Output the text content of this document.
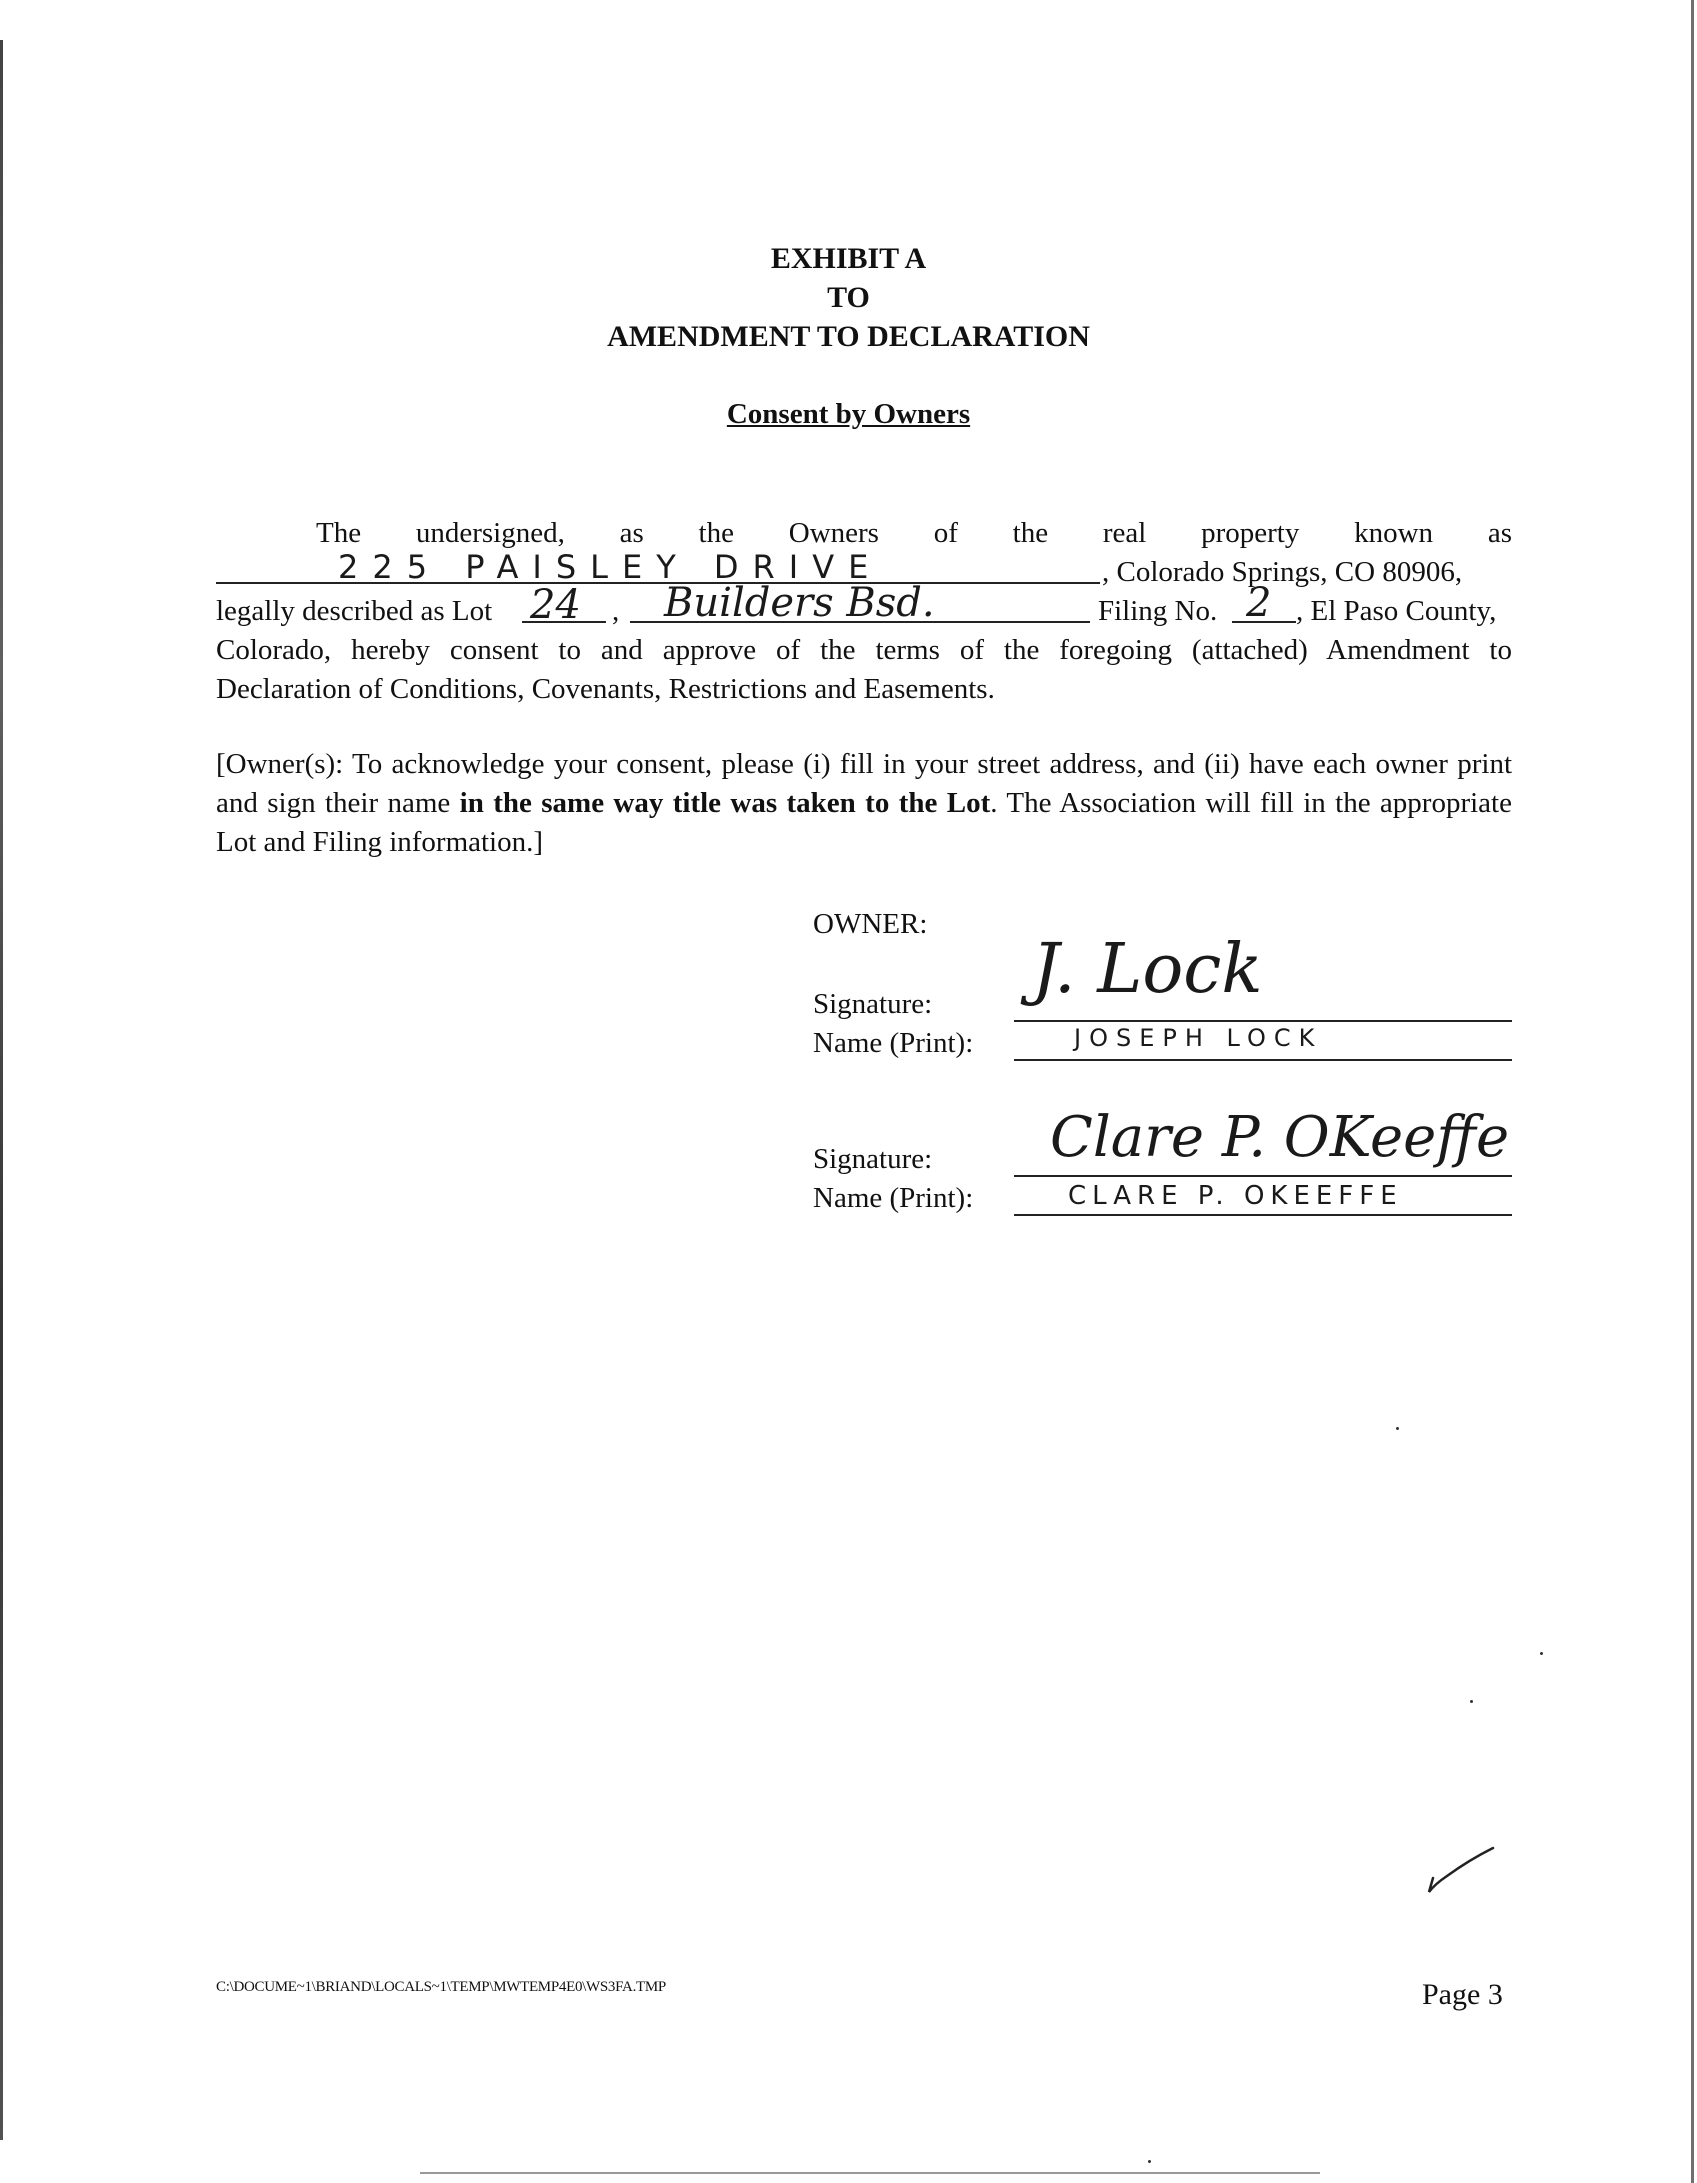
EXHIBIT A
TO
AMENDMENT TO DECLARATION
Consent by Owners
The undersigned, as the Owners of the real property known as
225 PAISLEY DRIVE	, Colorado Springs, CO 80906,
legally described as Lot 24 , Builders Bsd.	Filing No. 2 , El Paso County,
Colorado, hereby consent to and approve of the terms of the foregoing (attached) Amendment to
Declaration of Conditions, Covenants, Restrictions and Easements.
[Owner(s): To acknowledge your consent, please (i) fill in your street address, and (ii) have each owner print and sign their name in the same way title was taken to the Lot. The Association will fill in the appropriate Lot and Filing information.]
OWNER:
Signature: J. Lock
Name (Print):	JOSEPH LOCK
Signature: Clare P. OKeeffe
Name (Print):	CLARE P. OKEEFFE
C:\DOCUME~1\BRIAND\LOCALS~1\TEMP\MWTEMP4E0\WS3FA.TMP	Page 3
